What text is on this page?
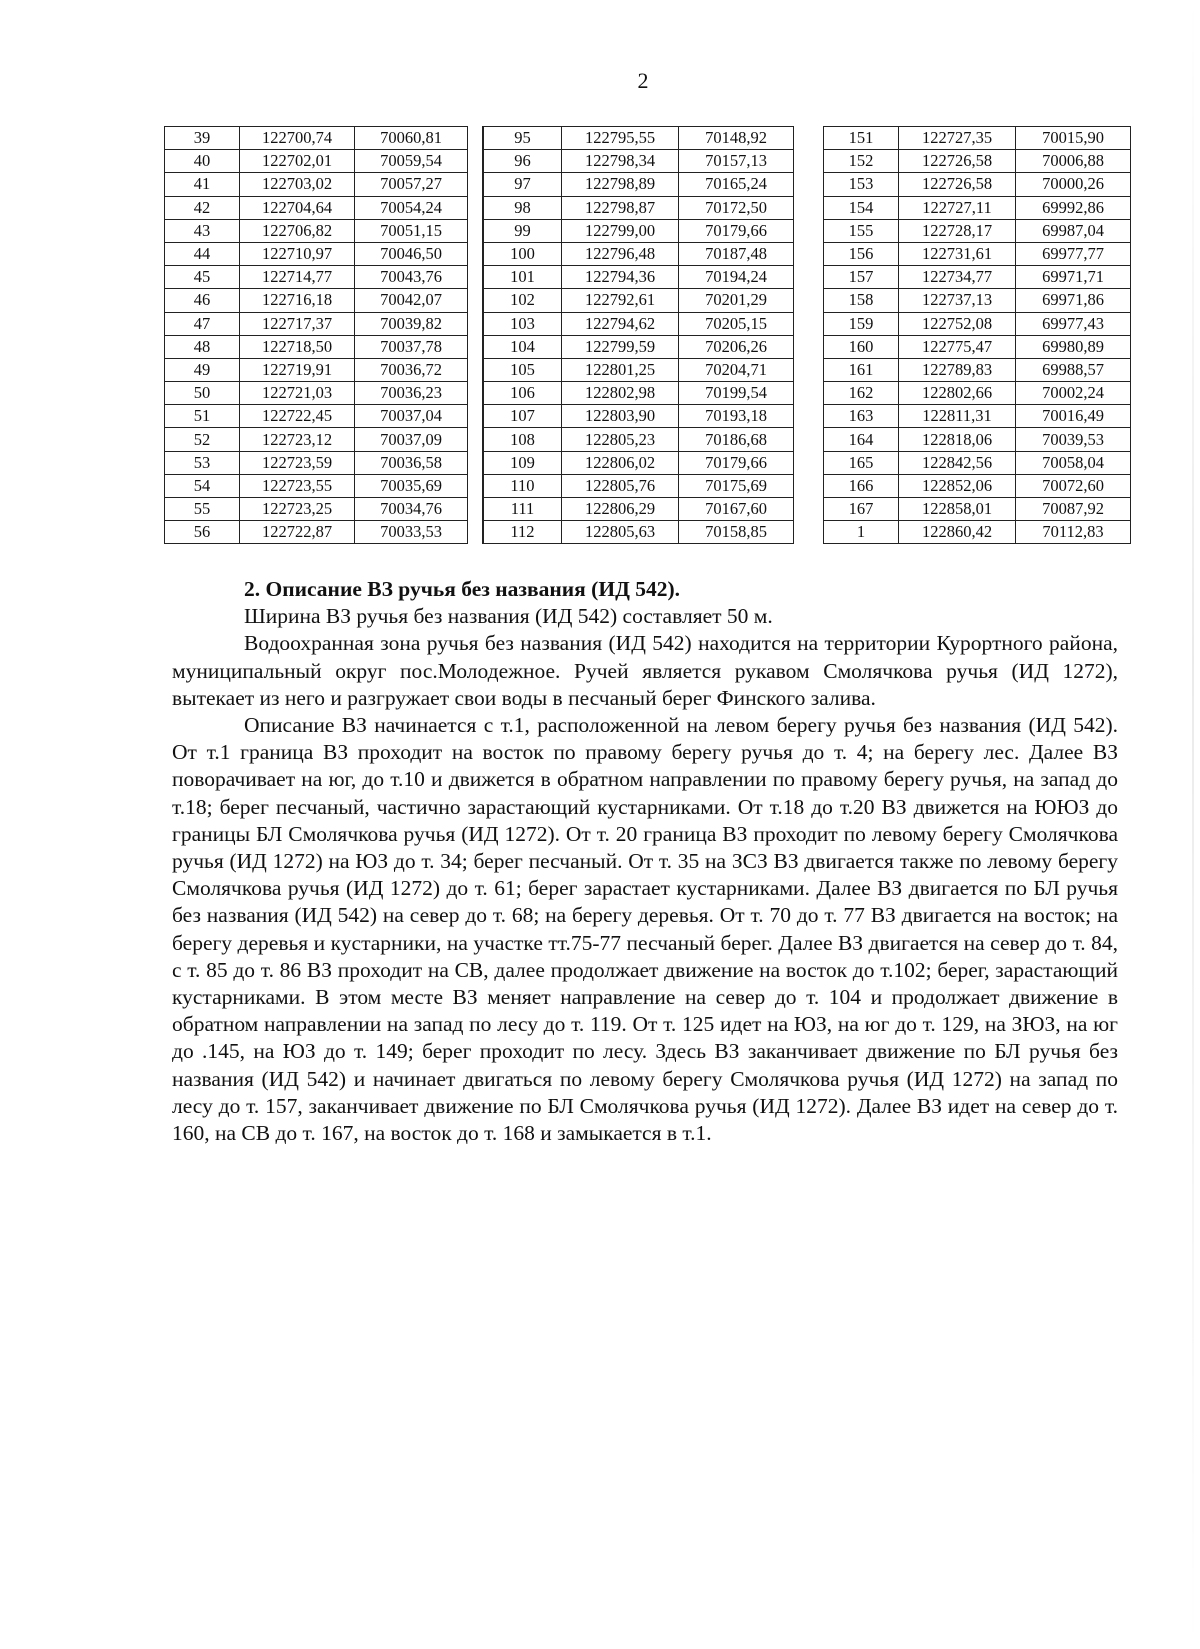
2
39	122700,74	70060,81
40	122702,01	70059,54
41	122703,02	70057,27
42	122704,64	70054,24
43	122706,82	70051,15
44	122710,97	70046,50
45	122714,77	70043,76
46	122716,18	70042,07
47	122717,37	70039,82
48	122718,50	70037,78
49	122719,91	70036,72
50	122721,03	70036,23
51	122722,45	70037,04
52	122723,12	70037,09
53	122723,59	70036,58
54	122723,55	70035,69
55	122723,25	70034,76
56	122722,87	70033,53
95	122795,55	70148,92
96	122798,34	70157,13
97	122798,89	70165,24
98	122798,87	70172,50
99	122799,00	70179,66
100	122796,48	70187,48
101	122794,36	70194,24
102	122792,61	70201,29
103	122794,62	70205,15
104	122799,59	70206,26
105	122801,25	70204,71
106	122802,98	70199,54
107	122803,90	70193,18
108	122805,23	70186,68
109	122806,02	70179,66
110	122805,76	70175,69
111	122806,29	70167,60
112	122805,63	70158,85
151	122727,35	70015,90
152	122726,58	70006,88
153	122726,58	70000,26
154	122727,11	69992,86
155	122728,17	69987,04
156	122731,61	69977,77
157	122734,77	69971,71
158	122737,13	69971,86
159	122752,08	69977,43
160	122775,47	69980,89
161	122789,83	69988,57
162	122802,66	70002,24
163	122811,31	70016,49
164	122818,06	70039,53
165	122842,56	70058,04
166	122852,06	70072,60
167	122858,01	70087,92
1	122860,42	70112,83

2. Описание ВЗ ручья без названия (ИД 542).

Ширина ВЗ ручья без названия (ИД 542) составляет 50 м.

Водоохранная зона ручья без названия (ИД 542) находится на территории Курортного района, муниципальный округ пос.Молодежное. Ручей является рукавом Смолячкова ручья (ИД 1272), вытекает из него и разгружает свои воды в песчаный берег Финского залива.

Описание ВЗ начинается с т.1, расположенной на левом берегу ручья без названия (ИД 542). От т.1 граница ВЗ проходит на восток по правому берегу ручья до т. 4; на берегу лес. Далее ВЗ поворачивает на юг, до т.10 и движется в обратном направлении по правому берегу ручья, на запад до т.18; берег песчаный, частично зарастающий кустарниками. От т.18 до т.20 ВЗ движется на ЮЮЗ до границы БЛ Смолячкова ручья (ИД 1272). От т. 20 граница ВЗ проходит по левому берегу Смолячкова ручья (ИД 1272) на ЮЗ до т. 34; берег песчаный. От т. 35 на ЗСЗ ВЗ двигается также по левому берегу Смолячкова ручья (ИД 1272) до т. 61; берег зарастает кустарниками. Далее ВЗ двигается по БЛ ручья без названия (ИД 542) на север до т. 68; на берегу деревья. От т. 70 до т. 77 ВЗ двигается на восток; на берегу деревья и кустарники, на участке тт.75-77 песчаный берег. Далее ВЗ двигается на север до т. 84, с т. 85 до т. 86 ВЗ проходит на СВ, далее продолжает движение на восток до т.102; берег, зарастающий кустарниками. В этом месте ВЗ меняет направление на север до т. 104 и продолжает движение в обратном направлении на запад по лесу до т. 119. От т. 125 идет на ЮЗ, на юг до т. 129, на ЗЮЗ, на юг до .145, на ЮЗ до т. 149; берег проходит по лесу. Здесь ВЗ заканчивает движение по БЛ ручья без названия (ИД 542) и начинает двигаться по левому берегу Смолячкова ручья (ИД 1272) на запад по лесу до т. 157, заканчивает движение по БЛ Смолячкова ручья (ИД 1272). Далее ВЗ идет на север до т. 160, на СВ до т. 167, на восток до т. 168 и замыкается в т.1.
